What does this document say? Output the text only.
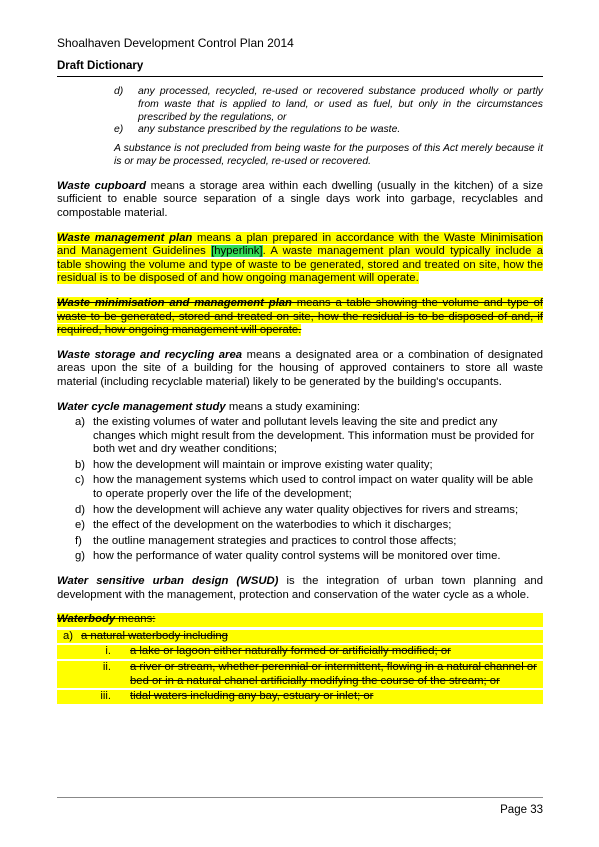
Shoalhaven Development Control Plan 2014
Draft Dictionary
d) any processed, recycled, re-used or recovered substance produced wholly or partly from waste that is applied to land, or used as fuel, but only in the circumstances prescribed by the regulations, or
e) any substance prescribed by the regulations to be waste.

A substance is not precluded from being waste for the purposes of this Act merely because it is or may be processed, recycled, re-used or recovered.

Waste cupboard means a storage area within each dwelling (usually in the kitchen) of a size sufficient to enable source separation of a single days work into garbage, recyclables and compostable material.

Waste management plan means a plan prepared in accordance with the Waste Minimisation and Management Guidelines [hyperlink]. A waste management plan would typically include a table showing the volume and type of waste to be generated, stored and treated on site, how the residual is to be disposed of and how ongoing management will operate.

Waste minimisation and management plan means a table showing the volume and type of waste to be generated, stored and treated on site, how the residual is to be disposed of and, if required, how ongoing management will operate.

Waste storage and recycling area means a designated area or a combination of designated areas upon the site of a building for the housing of approved containers to store all waste material (including recyclable material) likely to be generated by the building's occupants.

Water cycle management study means a study examining:

a) the existing volumes of water and pollutant levels leaving the site and predict any changes which might result from the development. This information must be provided for both wet and dry weather conditions;
b) how the development will maintain or improve existing water quality;
c) how the management systems which used to control impact on water quality will be able to operate properly over the life of the development;
d) how the development will achieve any water quality objectives for rivers and streams;
e) the effect of the development on the waterbodies to which it discharges;
f) the outline management strategies and practices to control those affects;
g) how the performance of water quality control systems will be monitored over time.

Water sensitive urban design (WSUD) is the integration of urban town planning and development with the management, protection and conservation of the water cycle as a whole.

Waterbody means:
a) a natural waterbody including
i. a lake or lagoon either naturally formed or artificially modified; or
ii. a river or stream, whether perennial or intermittent, flowing in a natural channel or bed or in a natural chanel artificially modifying the course of the stream; or
iii. tidal waters including any bay, estuary or inlet; or
Page 33
